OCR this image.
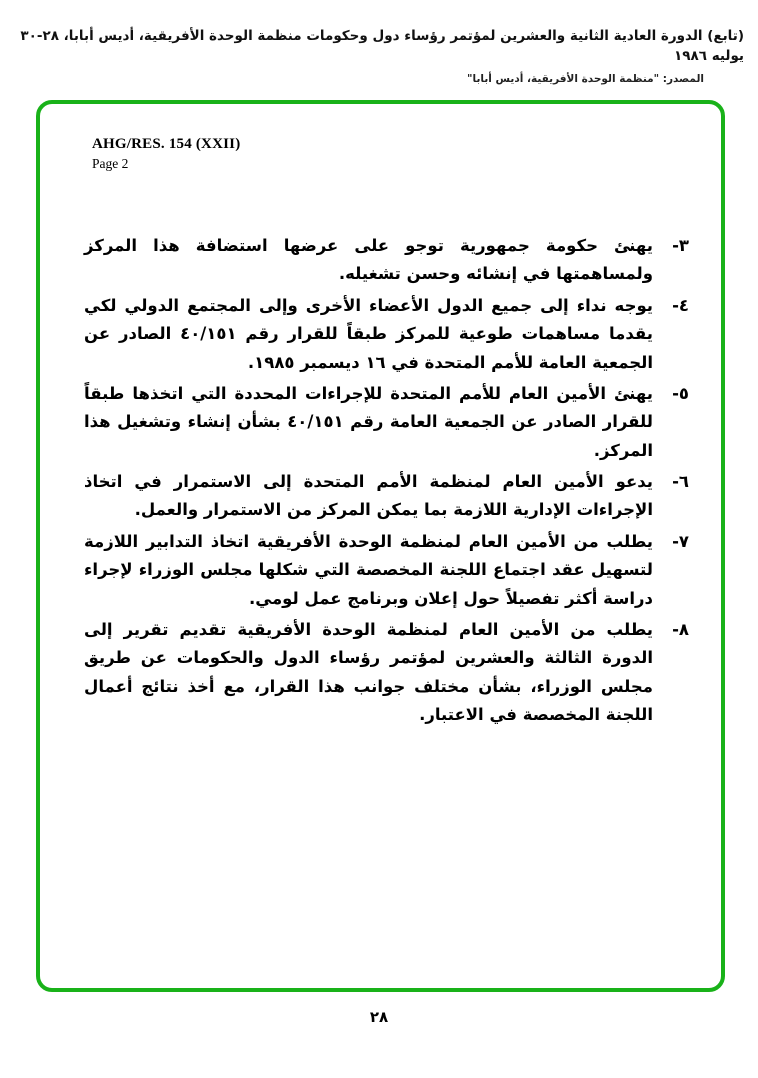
(تابع) الدورة العادية الثانية والعشرين لمؤتمر رؤساء دول وحكومات منظمة الوحدة الأفريقية، أديس أبابا، ٢٨-٣٠ يوليه ١٩٨٦
المصدر: "منظمة الوحدة الأفريقية، أديس أبابا"
AHG/RES. 154 (XXII)
Page 2
٣-
يهنئ حكومة جمهورية توجو على عرضها استضافة هذا المركز ولمساهمتها في إنشائه وحسن تشغيله.
٤-
يوجه نداء إلى جميع الدول الأعضاء الأخرى وإلى المجتمع الدولي لكي يقدما مساهمات طوعية للمركز طبقاً للقرار رقم ٤٠/١٥١ الصادر عن الجمعية العامة للأمم المتحدة في ١٦ ديسمبر ١٩٨٥.
٥-
يهنئ الأمين العام للأمم المتحدة للإجراءات المحددة التي اتخذها طبقاً للقرار الصادر عن الجمعية العامة رقم ٤٠/١٥١ بشأن إنشاء وتشغيل هذا المركز.
٦-
يدعو الأمين العام لمنظمة الأمم المتحدة إلى الاستمرار في اتخاذ الإجراءات الإدارية اللازمة بما يمكن المركز من الاستمرار والعمل.
٧-
يطلب من الأمين العام لمنظمة الوحدة الأفريقية اتخاذ التدابير اللازمة لتسهيل عقد اجتماع اللجنة المخصصة التي شكلها مجلس الوزراء لإجراء دراسة أكثر تفصيلاً حول إعلان وبرنامج عمل لومي.
٨-
يطلب من الأمين العام لمنظمة الوحدة الأفريقية تقديم تقرير إلى الدورة الثالثة والعشرين لمؤتمر رؤساء الدول والحكومات عن طريق مجلس الوزراء، بشأن مختلف جوانب هذا القرار، مع أخذ نتائج أعمال اللجنة المخصصة في الاعتبار.
٢٨
